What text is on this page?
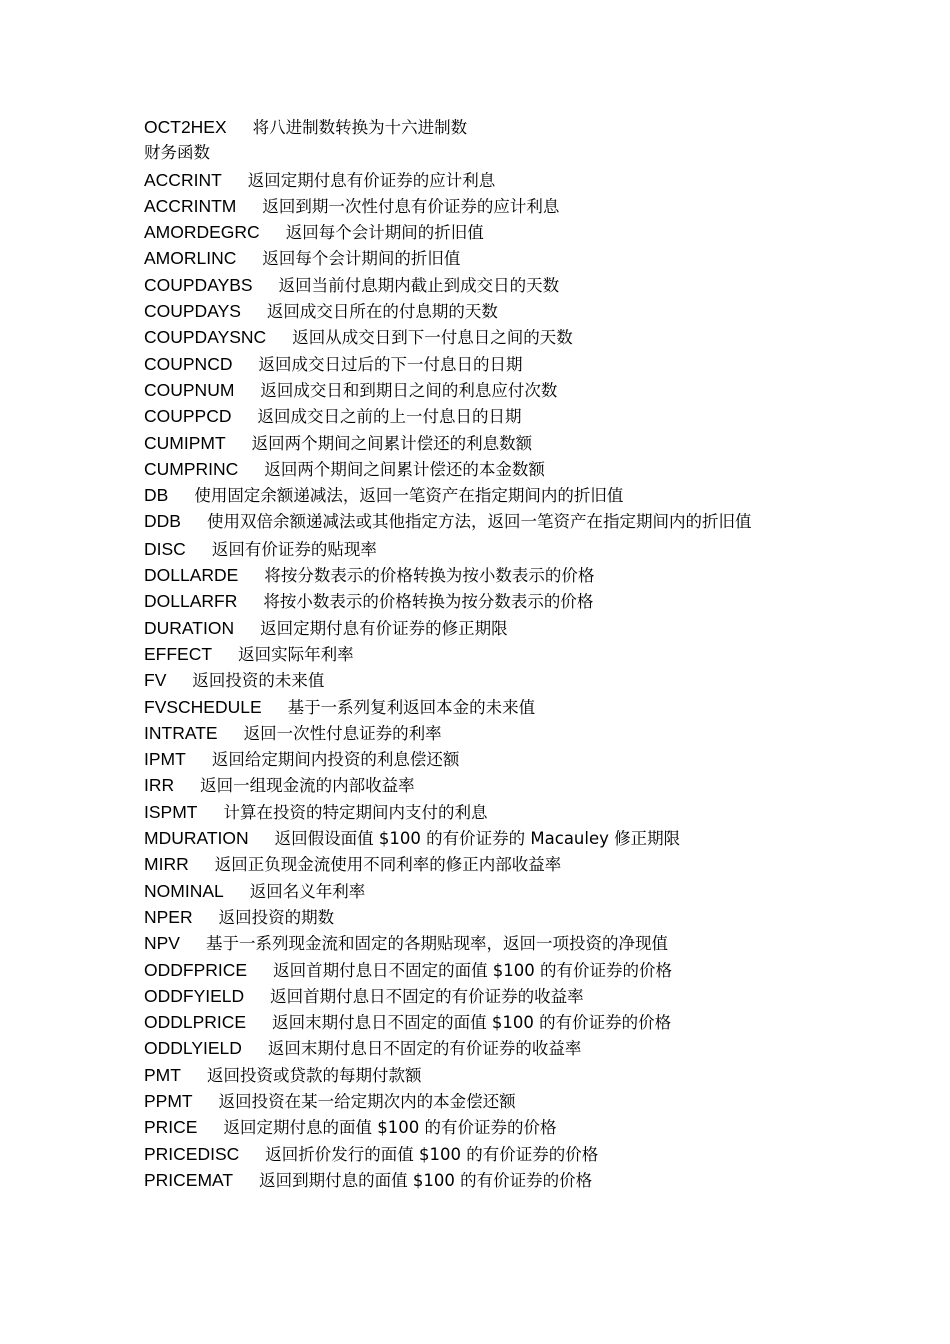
OCT2HEX 将八进制数转换为十六进制数
财务函数
ACCRINT 返回定期付息有价证券的应计利息
ACCRINTM 返回到期一次性付息有价证券的应计利息
AMORDEGRC 返回每个会计期间的折旧值
AMORLINC 返回每个会计期间的折旧值
COUPDAYBS 返回当前付息期内截止到成交日的天数
COUPDAYS 返回成交日所在的付息期的天数
COUPDAYSNC 返回从成交日到下一付息日之间的天数
COUPNCD 返回成交日过后的下一付息日的日期
COUPNUM 返回成交日和到期日之间的利息应付次数
COUPPCD 返回成交日之前的上一付息日的日期
CUMIPMT 返回两个期间之间累计偿还的利息数额
CUMPRINC 返回两个期间之间累计偿还的本金数额
DB 使用固定余额递减法，返回一笔资产在指定期间内的折旧值
DDB 使用双倍余额递减法或其他指定方法，返回一笔资产在指定期间内的折旧值
DISC 返回有价证券的贴现率
DOLLARDE 将按分数表示的价格转换为按小数表示的价格
DOLLARFR 将按小数表示的价格转换为按分数表示的价格
DURATION 返回定期付息有价证券的修正期限
EFFECT 返回实际年利率
FV 返回投资的未来值
FVSCHEDULE 基于一系列复利返回本金的未来值
INTRATE 返回一次性付息证券的利率
IPMT 返回给定期间内投资的利息偿还额
IRR 返回一组现金流的内部收益率
ISPMT 计算在投资的特定期间内支付的利息
MDURATION 返回假设面值 $100 的有价证券的 Macauley 修正期限
MIRR 返回正负现金流使用不同利率的修正内部收益率
NOMINAL 返回名义年利率
NPER 返回投资的期数
NPV 基于一系列现金流和固定的各期贴现率，返回一项投资的净现值
ODDFPRICE 返回首期付息日不固定的面值 $100 的有价证券的价格
ODDFYIELD 返回首期付息日不固定的有价证券的收益率
ODDLPRICE 返回末期付息日不固定的面值 $100 的有价证券的价格
ODDLYIELD 返回末期付息日不固定的有价证券的收益率
PMT 返回投资或贷款的每期付款额
PPMT 返回投资在某一给定期次内的本金偿还额
PRICE 返回定期付息的面值 $100 的有价证券的价格
PRICEDISC 返回折价发行的面值 $100 的有价证券的价格
PRICEMAT 返回到期付息的面值 $100 的有价证券的价格
